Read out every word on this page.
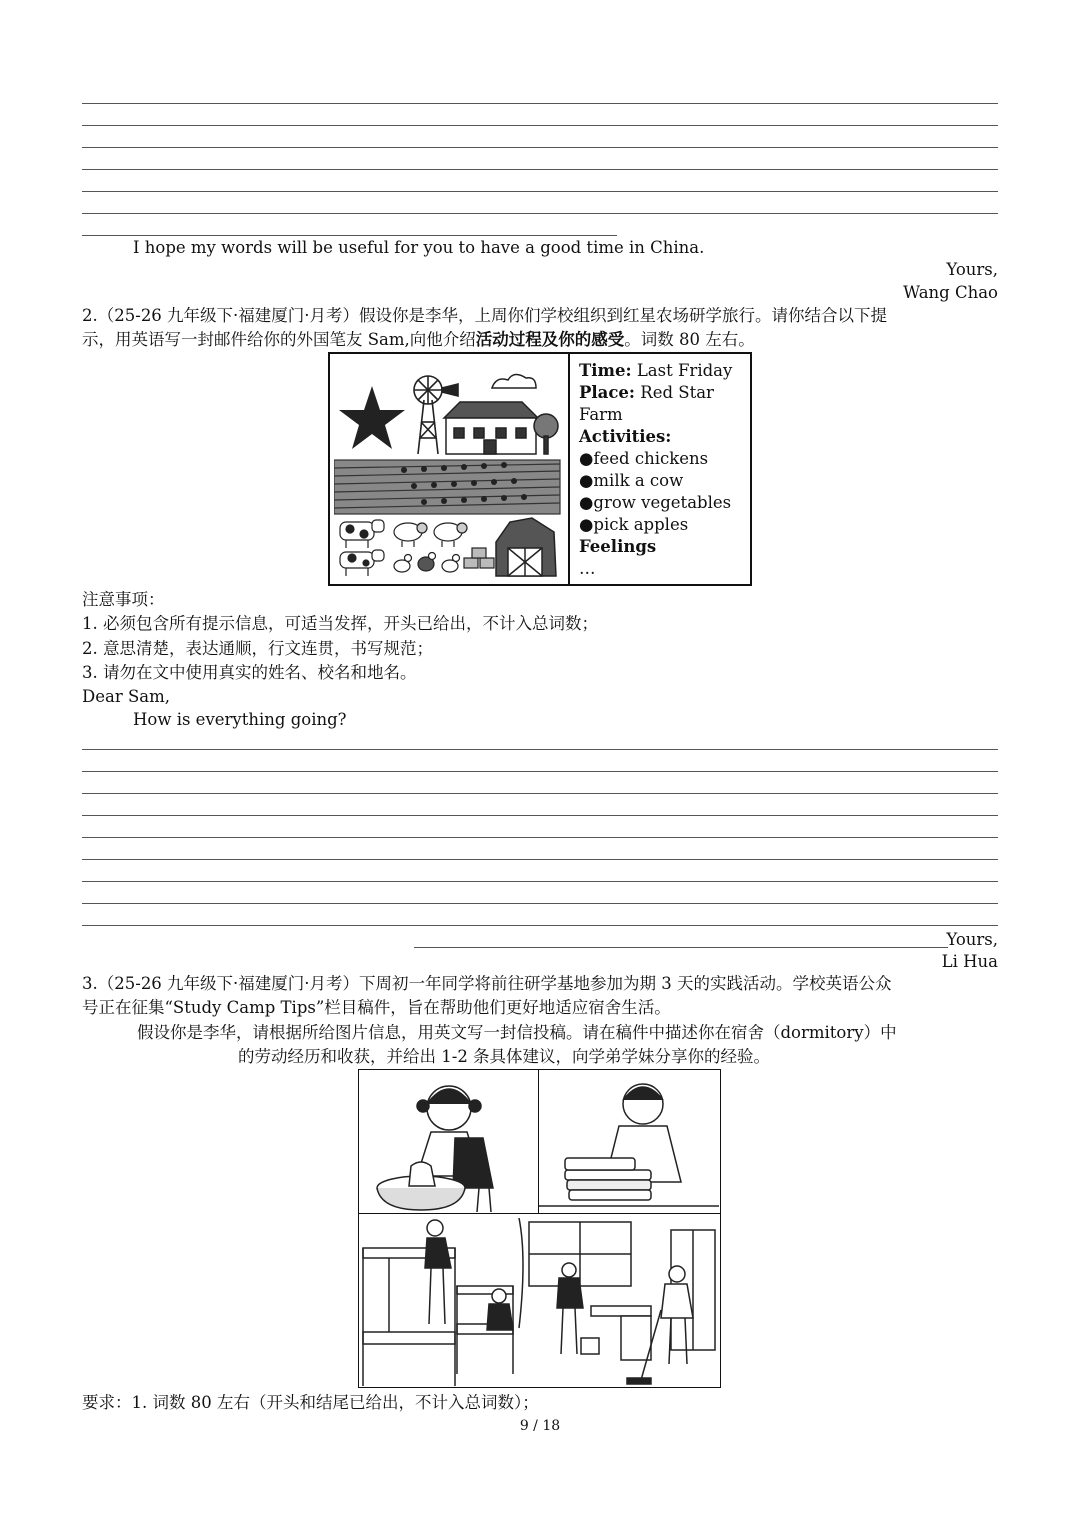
I hope my words will be useful for you to have a good time in China.
Yours,
Wang Chao
2.（25-26 九年级下·福建厦门·月考）假设你是李华，上周你们学校组织到红星农场研学旅行。请你结合以下提
示，用英语写一封邮件给你的外国笔友 Sam,向他介绍活动过程及你的感受。词数 80 左右。
Time: Last Friday
Place: Red Star
Farm
Activities:
●feed chickens
●milk a cow
●grow vegetables
●pick apples
Feelings
…
注意事项：
1. 必须包含所有提示信息，可适当发挥，开头已给出，不计入总词数；
2. 意思清楚，表达通顺，行文连贯，书写规范；
3. 请勿在文中使用真实的姓名、校名和地名。
Dear Sam,
How is everything going?
Yours,
Li Hua
3.（25-26 九年级下·福建厦门·月考）下周初一年同学将前往研学基地参加为期 3 天的实践活动。学校英语公众
号正在征集“Study Camp Tips”栏目稿件，旨在帮助他们更好地适应宿舍生活。
假设你是李华，请根据所给图片信息，用英文写一封信投稿。请在稿件中描述你在宿舍（dormitory）中
的劳动经历和收获，并给出 1-2 条具体建议，向学弟学妹分享你的经验。
要求：1. 词数 80 左右（开头和结尾已给出，不计入总词数）；
9 / 18
